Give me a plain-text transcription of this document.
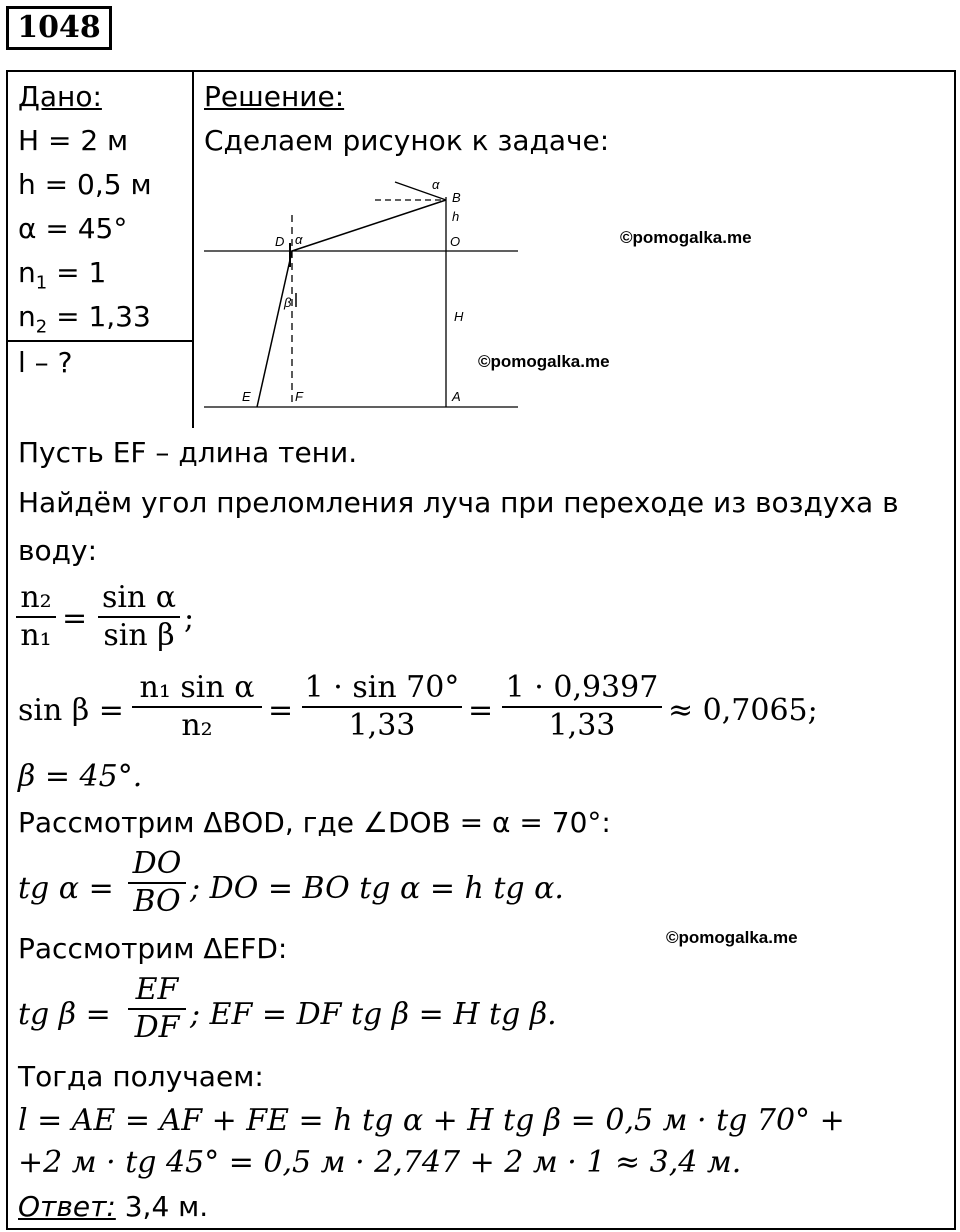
1048
Дано:
H = 2 м
h = 0,5 м
α = 45°
$n_1 = 1$
$n_2 = 1,33$
l – ?
Решение:
Сделаем рисунок к задаче:
α
B
h
D α	O
β
H
E	F	A
©pomogalka.me
©pomogalka.me
©pomogalka.me
Пусть EF – длина тени.
Найдём угол преломления луча при переходе из воздуха в
воду:
$\frac{\text{n₂}}{\text{n₁}} = \frac{\text{sin α}}{\text{sin β}}$ ;
$\sin \beta = \frac{\text{n₁ sin α}}{\text{n₂}} = \frac{1 \cdot \sin 70^\circ}{1,33} = \frac{1 \cdot 0,9397}{1,33} \approx 0,7065$;
β = 45°.
Рассмотрим ΔBOD, где ∠DOB = α = 70°:
tg $\alpha = \frac{DO}{BO}$ ; DO = BO tg α = h tg α.
Рассмотрим ΔEFD:
tg $\beta = \frac{EF}{DF}$ ; EF = DF tg β = H tg β.
Тогда получаем:
l = AE = AF + FE = h tg α + H tg β = 0,5 м · tg 70° +
+2 м · tg 45° = 0,5 м · 2,747 + 2 м · 1 ≈ 3,4 м.
Ответ: 3,4 м.
